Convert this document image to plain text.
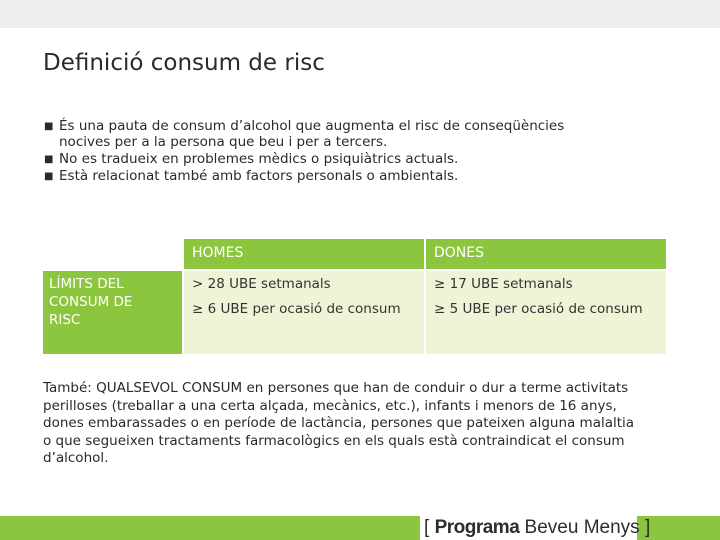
Definició consum de risc
■ És una pauta de consum d’alcohol que augmenta el risc de conseqüències
nocives per a la persona que beu i per a tercers.
■ No es tradueix en problemes mèdics o psiquiàtrics actuals.
■ Està relacionat també amb factors personals o ambientals.
HOMES	DONES
LÍMITS DEL
CONSUM DE
RISC
> 28 UBE setmanals
≥ 6 UBE per ocasió de consum
≥ 17 UBE setmanals
≥ 5 UBE per ocasió de consum
També: QUALSEVOL CONSUM en persones que han de conduir o dur a terme activitats
perilloses (treballar a una certa alçada, mecànics, etc.), infants i menors de 16 anys,
dones embarassades o en període de lactància, persones que pateixen alguna malaltia
o que segueixen tractaments farmacològics en els quals està contraindicat el consum
d’alcohol.
[ Programa Beveu Menys ]
